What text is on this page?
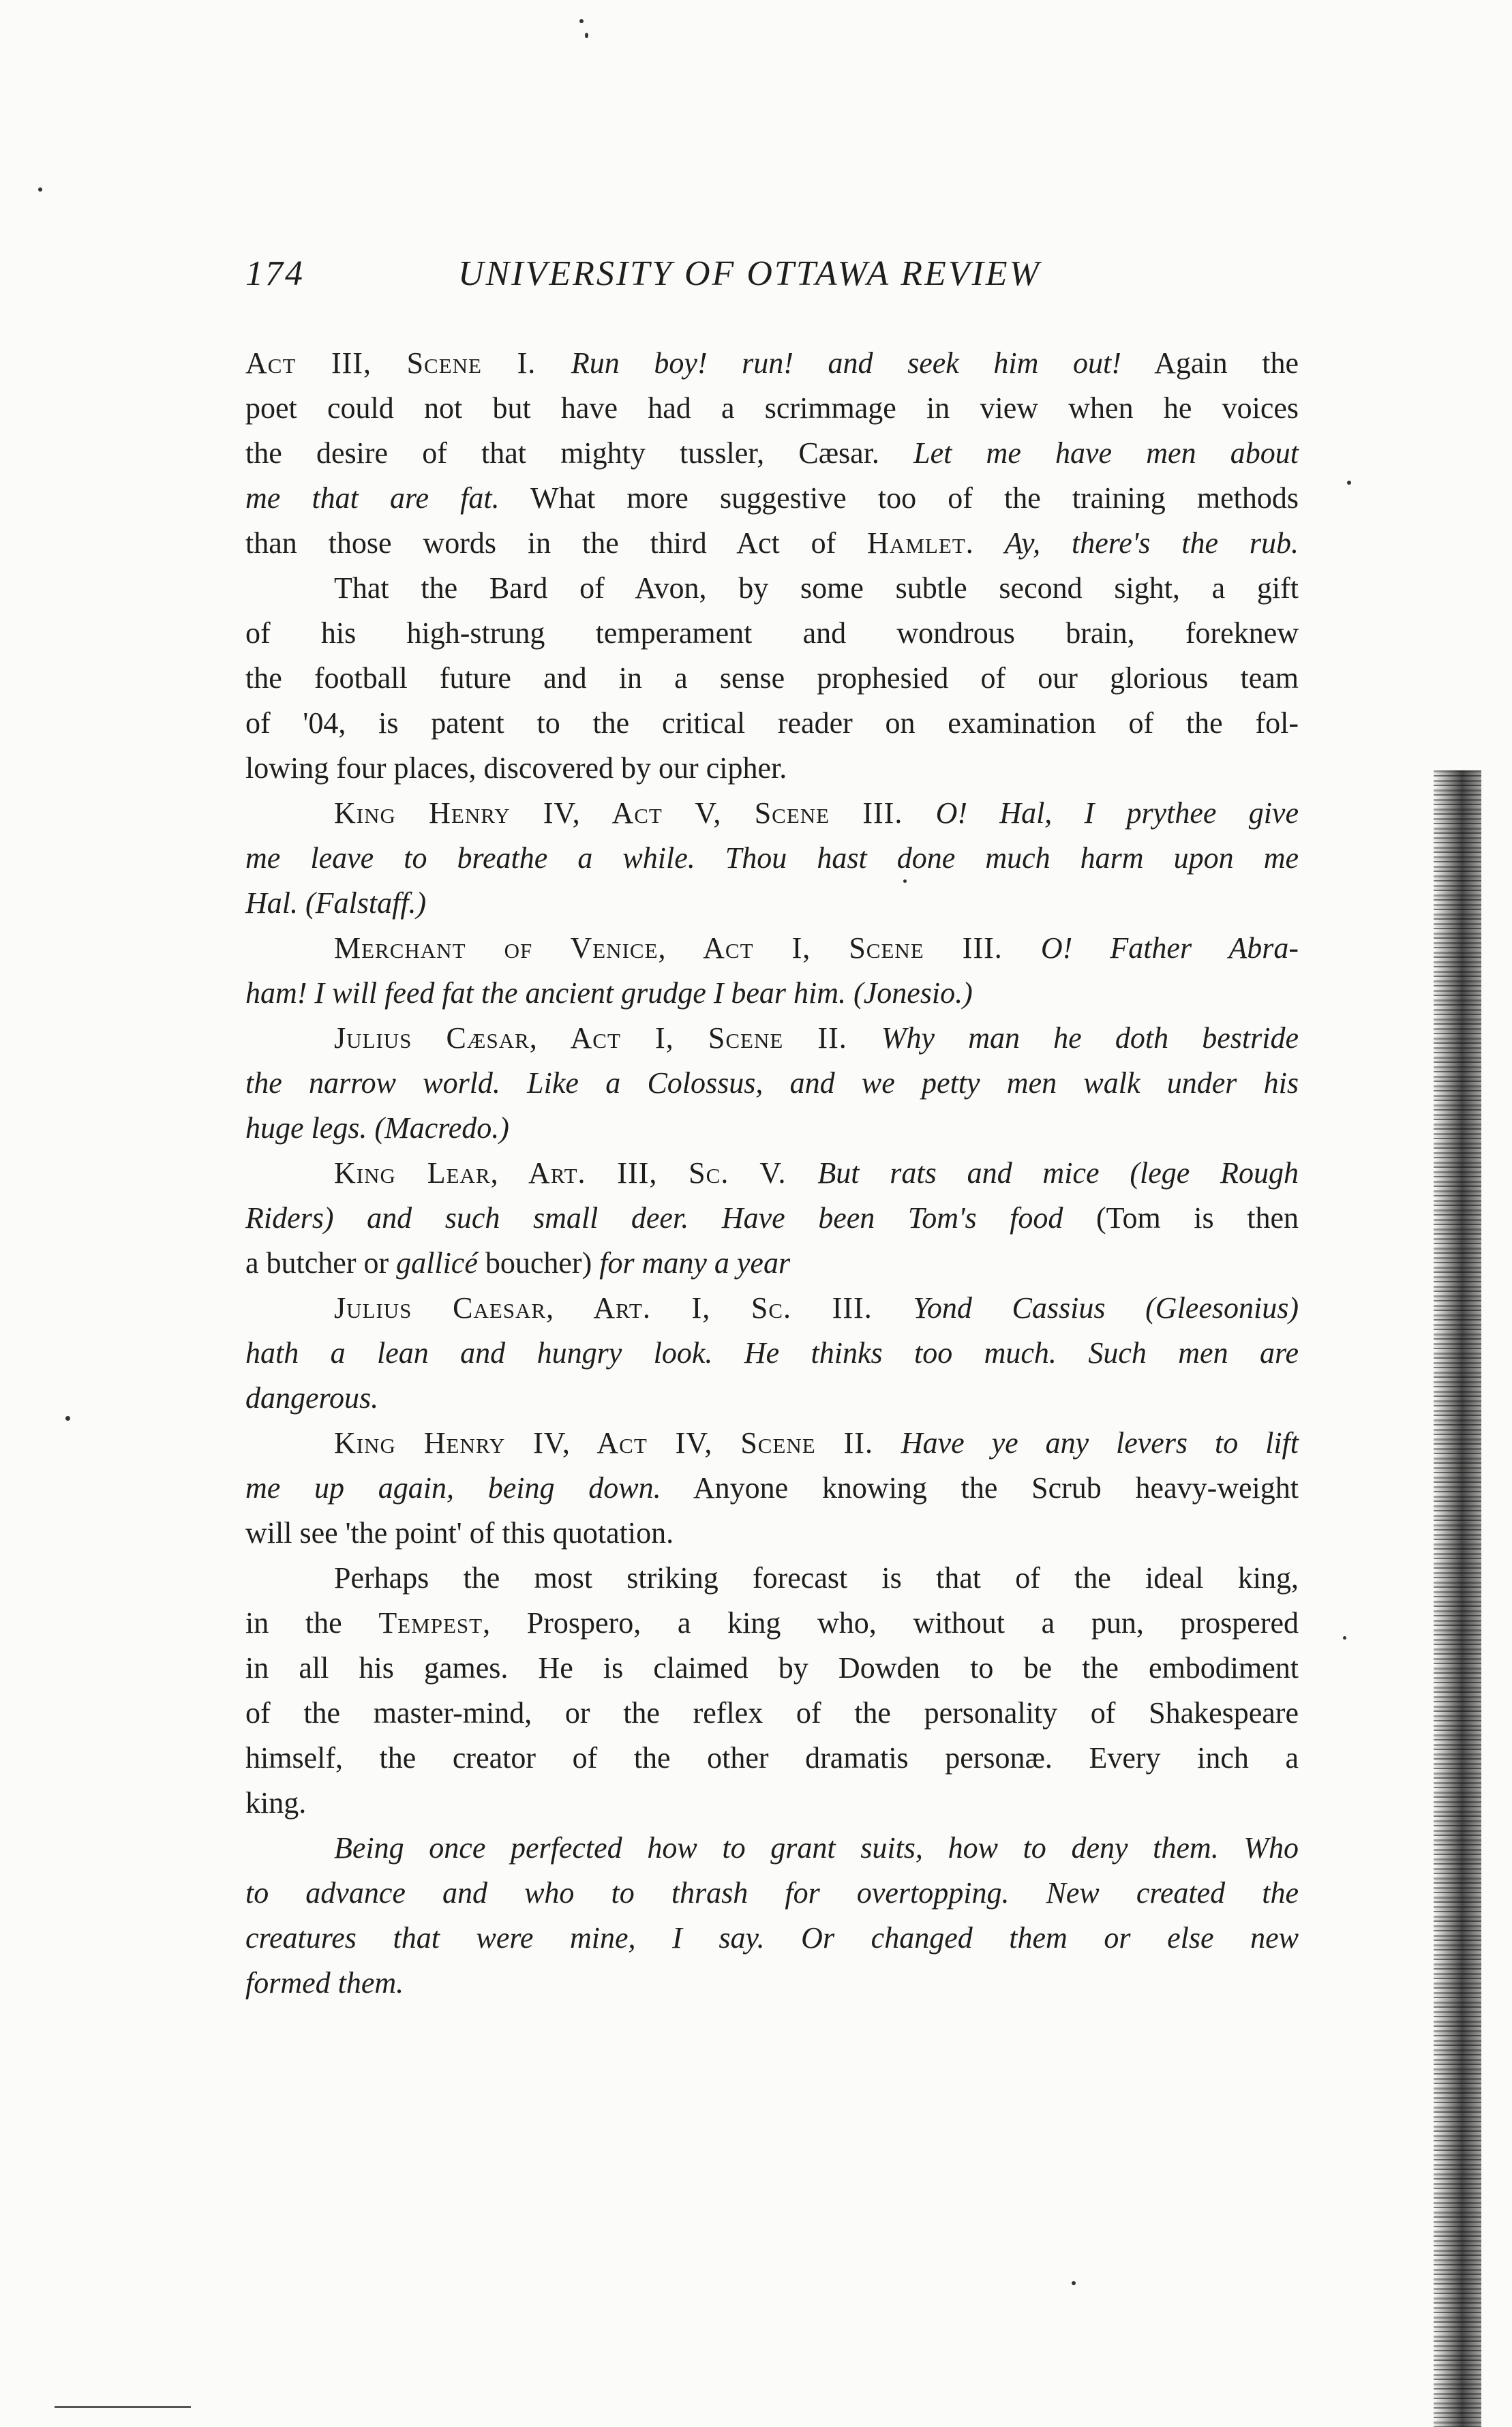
174	UNIVERSITY OF OTTAWA REVIEW
Act III, Scene I. Run boy! run! and seek him out! Again the
poet could not but have had a scrimmage in view when he voices
the desire of that mighty tussler, Cæsar. Let me have men about
me that are fat. What more suggestive too of the training methods
than those words in the third Act of Hamlet. Ay, there's the rub.
That the Bard of Avon, by some subtle second sight, a gift
of his high-strung temperament and wondrous brain, foreknew
the football future and in a sense prophesied of our glorious team
of '04, is patent to the critical reader on examination of the fol-
lowing four places, discovered by our cipher.
King Henry IV, Act V, Scene III. O! Hal, I prythee give
me leave to breathe a while. Thou hast done much harm upon me
Hal. (Falstaff.)
Merchant of Venice, Act I, Scene III. O! Father Abra-
ham! I will feed fat the ancient grudge I bear him. (Jonesio.)
Julius Cæsar, Act I, Scene II. Why man he doth bestride
the narrow world. Like a Colossus, and we petty men walk under his
huge legs. (Macredo.)
King Lear, Art. III, Sc. V. But rats and mice (lege Rough
Riders) and such small deer. Have been Tom's food (Tom is then
a butcher or gallicé boucher) for many a year
Julius Caesar, Art. I, Sc. III. Yond Cassius (Gleesonius)
hath a lean and hungry look. He thinks too much. Such men are
dangerous.
King Henry IV, Act IV, Scene II. Have ye any levers to lift
me up again, being down. Anyone knowing the Scrub heavy-weight
will see 'the point' of this quotation.
Perhaps the most striking forecast is that of the ideal king,
in the Tempest, Prospero, a king who, without a pun, prospered
in all his games. He is claimed by Dowden to be the embodiment
of the master-mind, or the reflex of the personality of Shakespeare
himself, the creator of the other dramatis personæ. Every inch a
king.
Being once perfected how to grant suits, how to deny them. Who
to advance and who to thrash for overtopping. New created the
creatures that were mine, I say. Or changed them or else new
formed them.
